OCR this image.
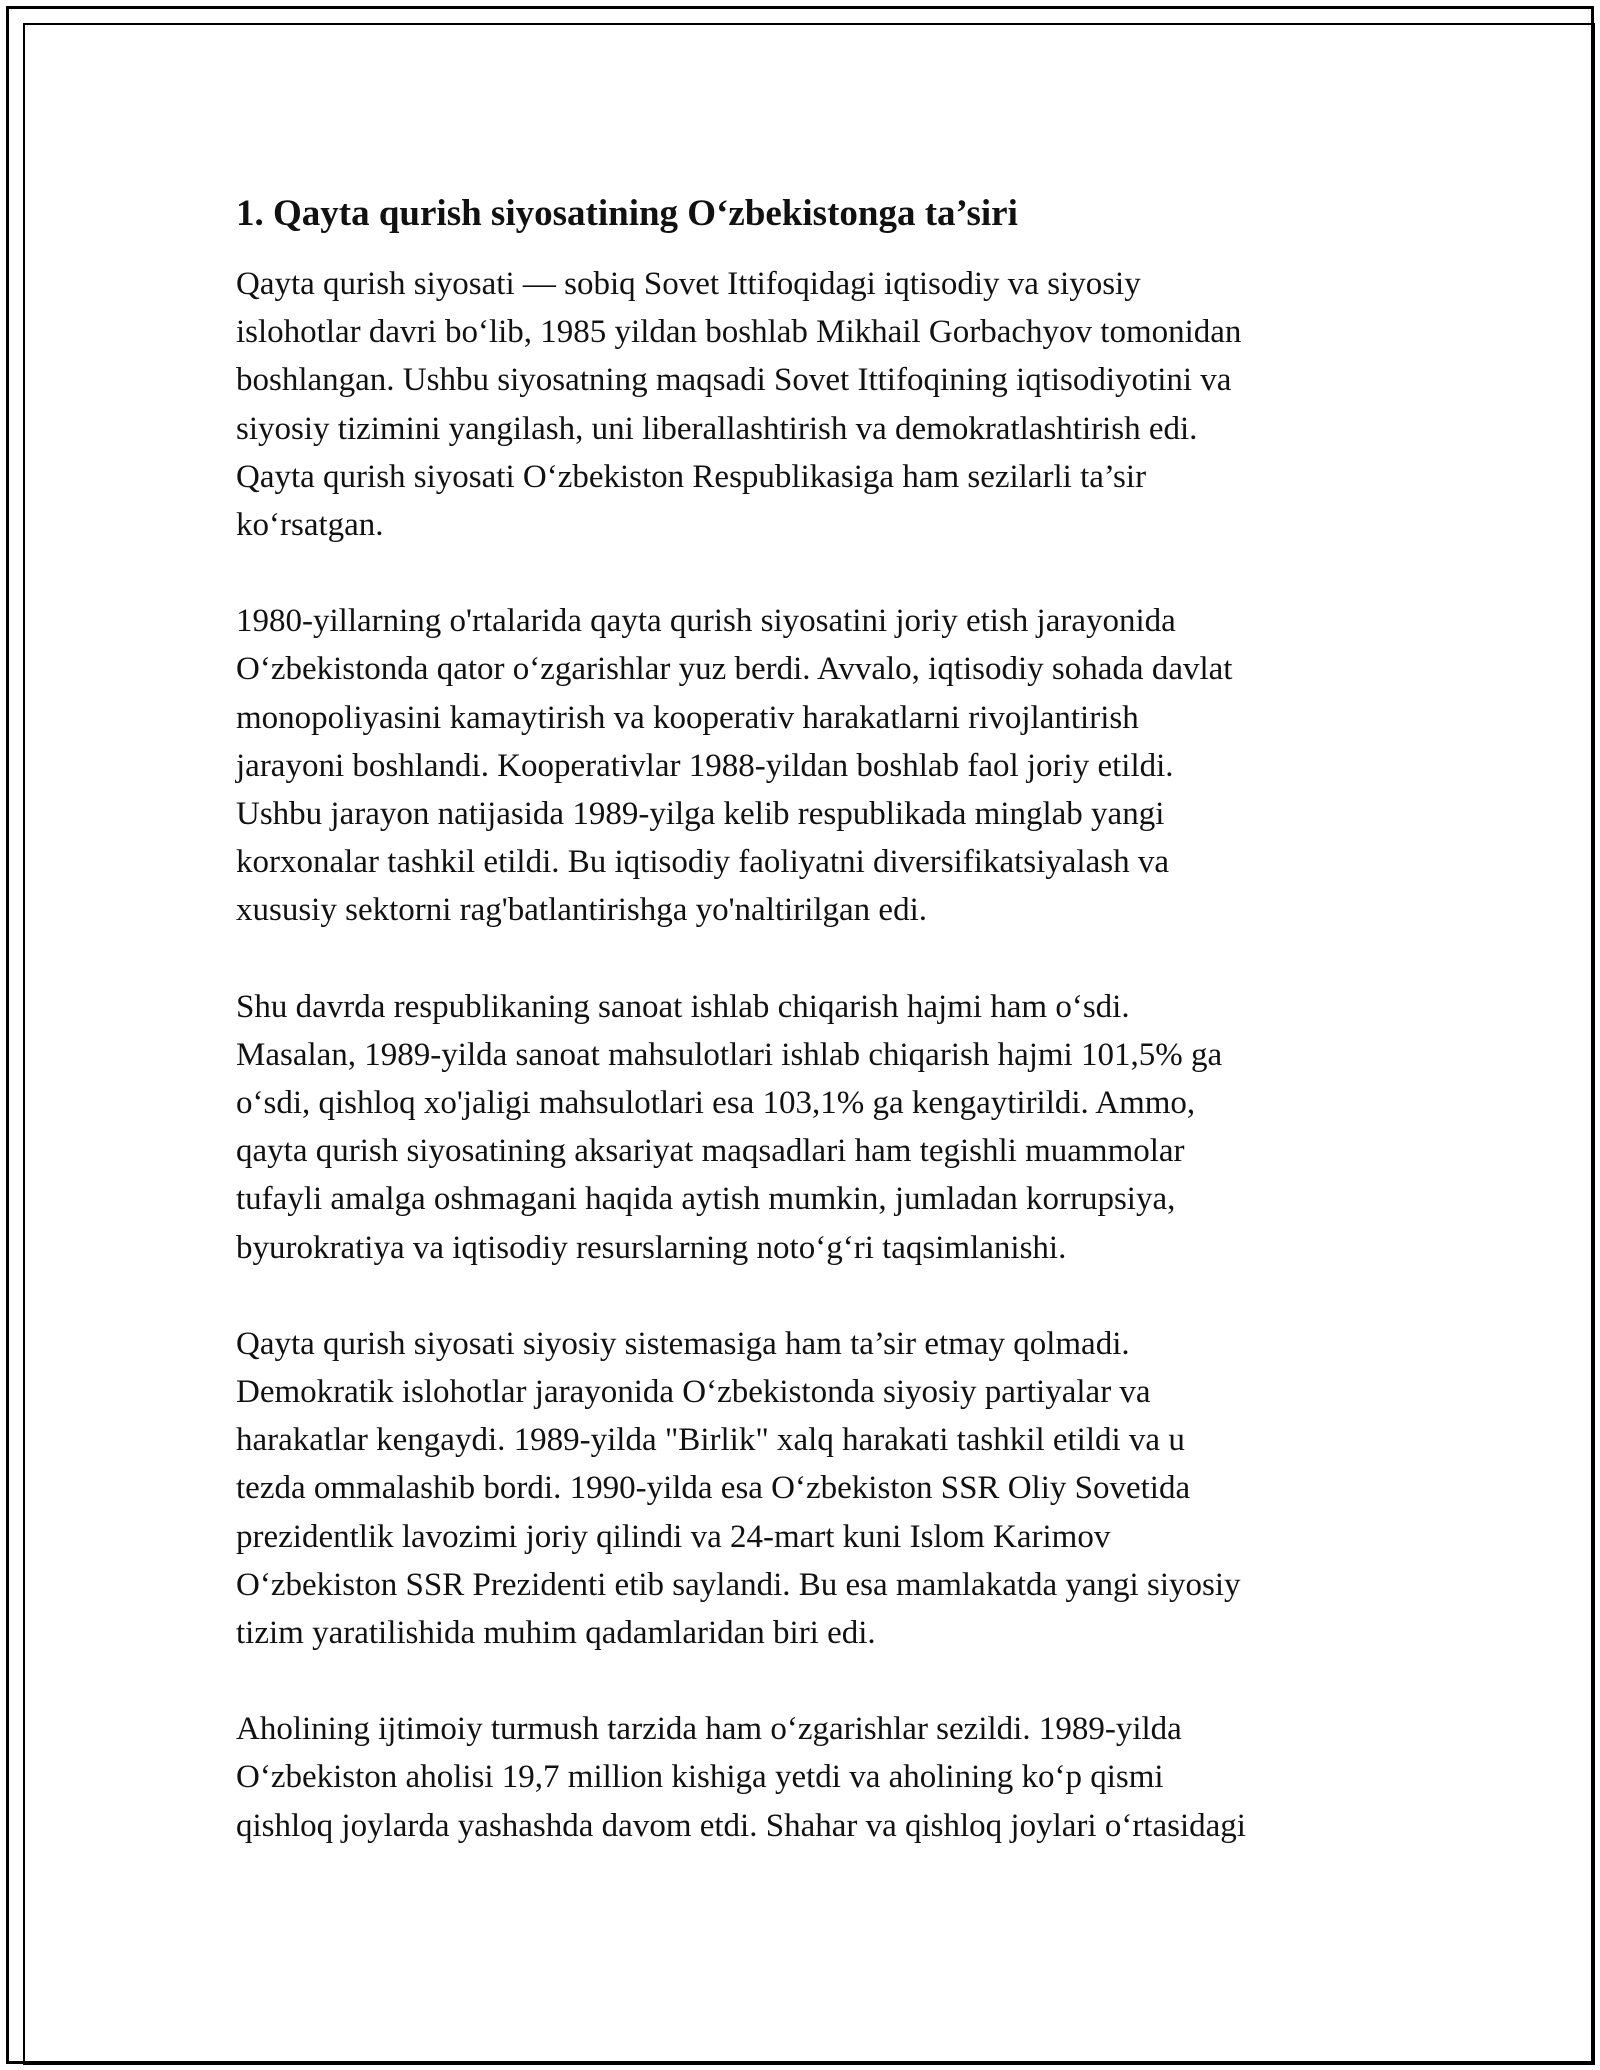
1. Qayta qurish siyosatining O‘zbekistonga ta’siri
Qayta qurish siyosati — sobiq Sovet Ittifoqidagi iqtisodiy va siyosiy
islohotlar davri bo‘lib, 1985 yildan boshlab Mikhail Gorbachyov tomonidan
boshlangan. Ushbu siyosatning maqsadi Sovet Ittifoqining iqtisodiyotini va
siyosiy tizimini yangilash, uni liberallashtirish va demokratlashtirish edi.
Qayta qurish siyosati O‘zbekiston Respublikasiga ham sezilarli ta’sir
ko‘rsatgan.
1980-yillarning o'rtalarida qayta qurish siyosatini joriy etish jarayonida
O‘zbekistonda qator o‘zgarishlar yuz berdi. Avvalo, iqtisodiy sohada davlat
monopoliyasini kamaytirish va kooperativ harakatlarni rivojlantirish
jarayoni boshlandi. Kooperativlar 1988-yildan boshlab faol joriy etildi.
Ushbu jarayon natijasida 1989-yilga kelib respublikada minglab yangi
korxonalar tashkil etildi. Bu iqtisodiy faoliyatni diversifikatsiyalash va
xususiy sektorni rag'batlantirishga yo'naltirilgan edi.
Shu davrda respublikaning sanoat ishlab chiqarish hajmi ham o‘sdi.
Masalan, 1989-yilda sanoat mahsulotlari ishlab chiqarish hajmi 101,5% ga
o‘sdi, qishloq xo'jaligi mahsulotlari esa 103,1% ga kengaytirildi. Ammo,
qayta qurish siyosatining aksariyat maqsadlari ham tegishli muammolar
tufayli amalga oshmagani haqida aytish mumkin, jumladan korrupsiya,
byurokratiya va iqtisodiy resurslarning noto‘g‘ri taqsimlanishi.
Qayta qurish siyosati siyosiy sistemasiga ham ta’sir etmay qolmadi.
Demokratik islohotlar jarayonida O‘zbekistonda siyosiy partiyalar va
harakatlar kengaydi. 1989-yilda "Birlik" xalq harakati tashkil etildi va u
tezda ommalashib bordi. 1990-yilda esa O‘zbekiston SSR Oliy Sovetida
prezidentlik lavozimi joriy qilindi va 24-mart kuni Islom Karimov
O‘zbekiston SSR Prezidenti etib saylandi. Bu esa mamlakatda yangi siyosiy
tizim yaratilishida muhim qadamlaridan biri edi.
Aholining ijtimoiy turmush tarzida ham o‘zgarishlar sezildi. 1989-yilda
O‘zbekiston aholisi 19,7 million kishiga yetdi va aholining ko‘p qismi
qishloq joylarda yashashda davom etdi. Shahar va qishloq joylari o‘rtasidagi
